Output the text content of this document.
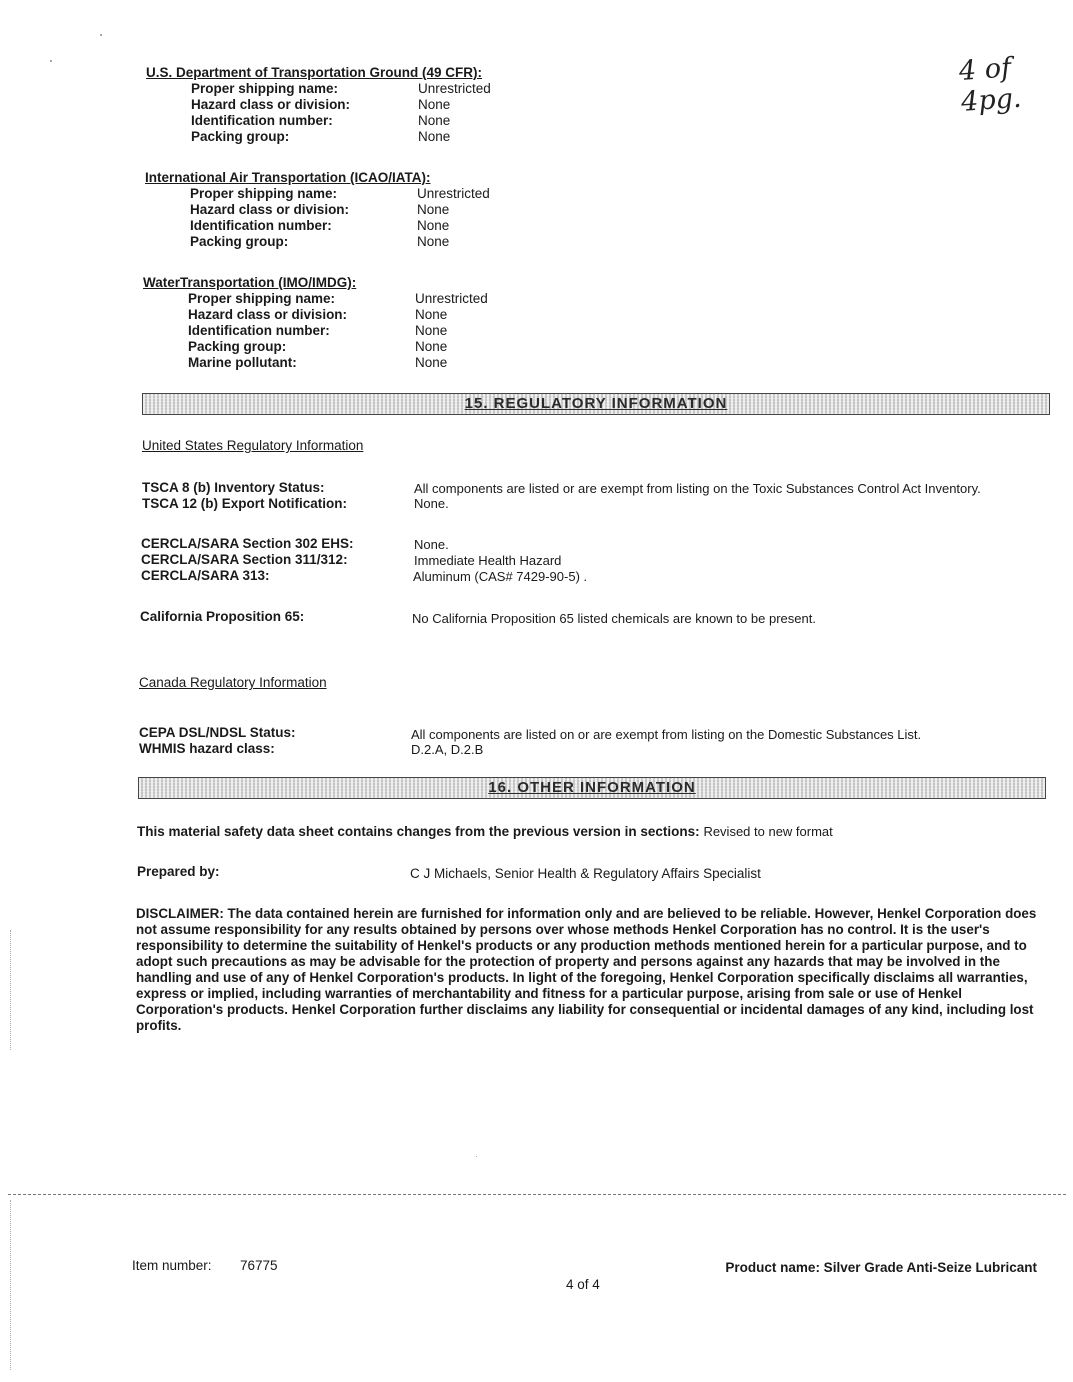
4 of 4pg.
U.S. Department of Transportation Ground (49 CFR):
Proper shipping name:	Unrestricted
Hazard class or division:	None
Identification number:	None
Packing group:	None
International Air Transportation (ICAO/IATA):
Proper shipping name:	Unrestricted
Hazard class or division:	None
Identification number:	None
Packing group:	None
WaterTransportation (IMO/IMDG):
Proper shipping name:	Unrestricted
Hazard class or division:	None
Identification number:	None
Packing group:	None
Marine pollutant:	None
15. REGULATORY INFORMATION
United States Regulatory Information
TSCA 8 (b) Inventory Status:	All components are listed or are exempt from listing on the Toxic Substances Control Act Inventory.
TSCA 12 (b) Export Notification:	None.
CERCLA/SARA Section 302 EHS:	None.
CERCLA/SARA Section 311/312:	Immediate Health Hazard
CERCLA/SARA 313:	Aluminum (CAS# 7429-90-5) .
California Proposition 65:	No California Proposition 65 listed chemicals are known to be present.
Canada Regulatory Information
CEPA DSL/NDSL Status:	All components are listed on or are exempt from listing on the Domestic Substances List.
WHMIS hazard class:	D.2.A, D.2.B
16. OTHER INFORMATION
This material safety data sheet contains changes from the previous version in sections: Revised to new format
Prepared by:	C J Michaels, Senior Health & Regulatory Affairs Specialist
DISCLAIMER: The data contained herein are furnished for information only and are believed to be reliable. However, Henkel Corporation does not assume responsibility for any results obtained by persons over whose methods Henkel Corporation has no control. It is the user's responsibility to determine the suitability of Henkel's products or any production methods mentioned herein for a particular purpose, and to adopt such precautions as may be advisable for the protection of property and persons against any hazards that may be involved in the handling and use of any of Henkel Corporation's products. In light of the foregoing, Henkel Corporation specifically disclaims all warranties, express or implied, including warranties of merchantability and fitness for a particular purpose, arising from sale or use of Henkel Corporation's products. Henkel Corporation further disclaims any liability for consequential or incidental damages of any kind, including lost profits.
Item number: 76775	Product name: Silver Grade Anti-Seize Lubricant
4 of 4
